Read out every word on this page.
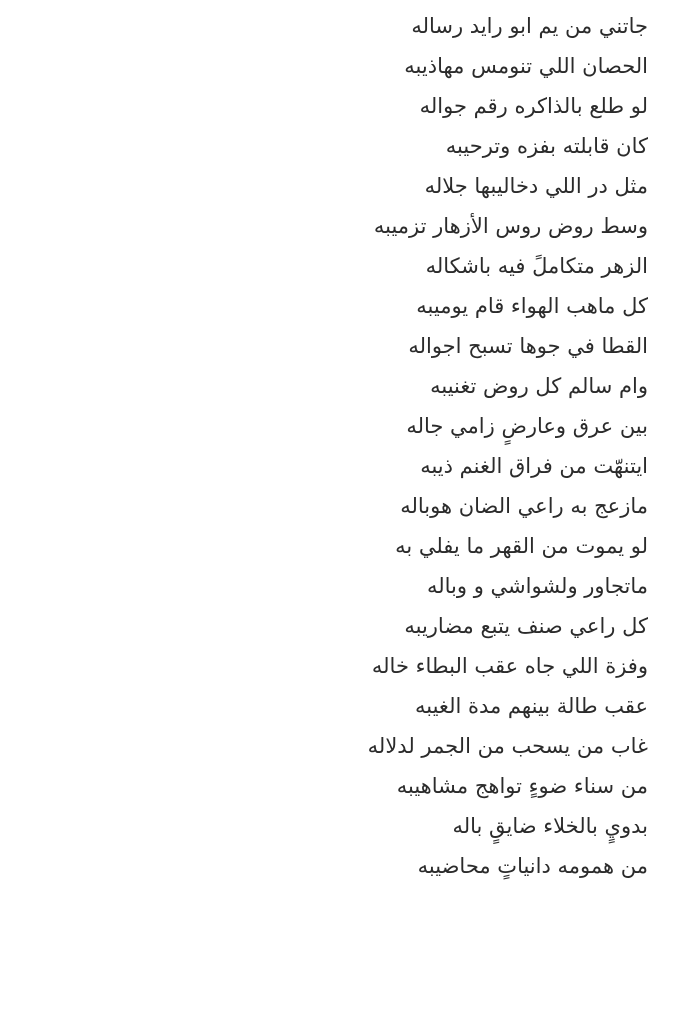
جاتني من يم ابو رايد رساله
الحصان اللي تنومس مهاذيبه
لو طلع بالذاكره رقم جواله
كان قابلته بفزه وترحيبه
مثل در اللي دخاليبها جلاله
وسط روض روس الأزهار تزميبه
الزهر متكاملً فيه باشكاله
كل ماهب الهواء قام يوميبه
القطا في جوها تسبح اجواله
وام سالم كل روض تغنيبه
بين عرق وعارضٍ زامي جاله
ايتنهّت من فراق الغنم ذيبه
مازعج به راعي الضان هوباله
لو يموت من القهر ما يفلي به
ماتجاور ولشواشي و وباله
كل راعي صنف يتبع مضاريبه
وفزة اللي جاه عقب البطاء خاله
عقب طالة بينهم مدة الغيبه
غاب من يسحب من الجمر لدلاله
من سناء ضوءٍ تواهج مشاهيبه
بدويٍ بالخلاء ضايقٍ باله
من همومه دانياتٍ محاضيبه
